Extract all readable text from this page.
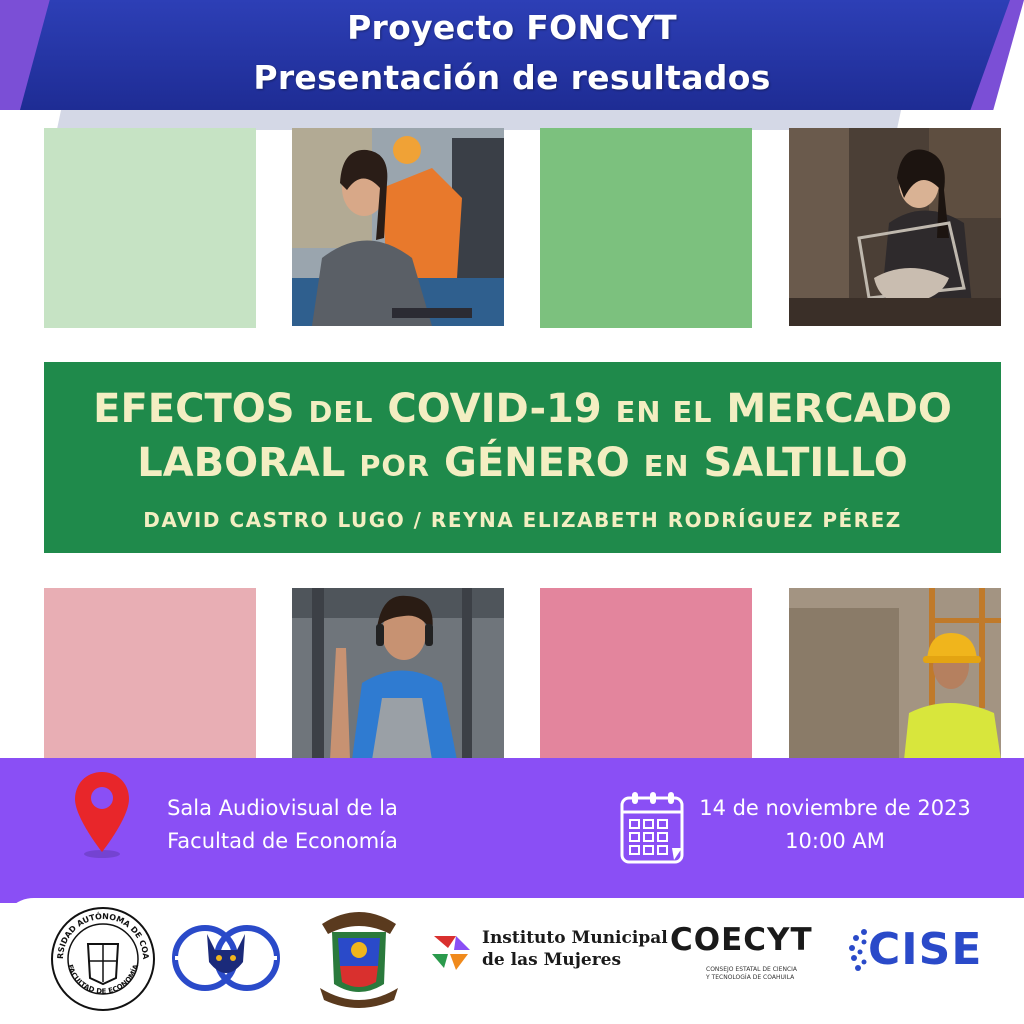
Proyecto FONCYT
Presentación de resultados
EFECTOS DEL COVID-19 EN EL MERCADO
LABORAL POR GÉNERO EN SALTILLO
DAVID CASTRO LUGO / REYNA ELIZABETH RODRÍGUEZ PÉREZ
Sala Audiovisual de la
Facultad de Economía
14 de noviembre de 2023
10:00 AM
RSIDAD AUTÓNOMA DE COA
FACULTAD DE ECONOMÍA
Instituto Municipal
de las Mujeres
COECYT
CONSEJO ESTATAL DE CIENCIA
Y TECNOLOGÍA DE COAHUILA
CISE
